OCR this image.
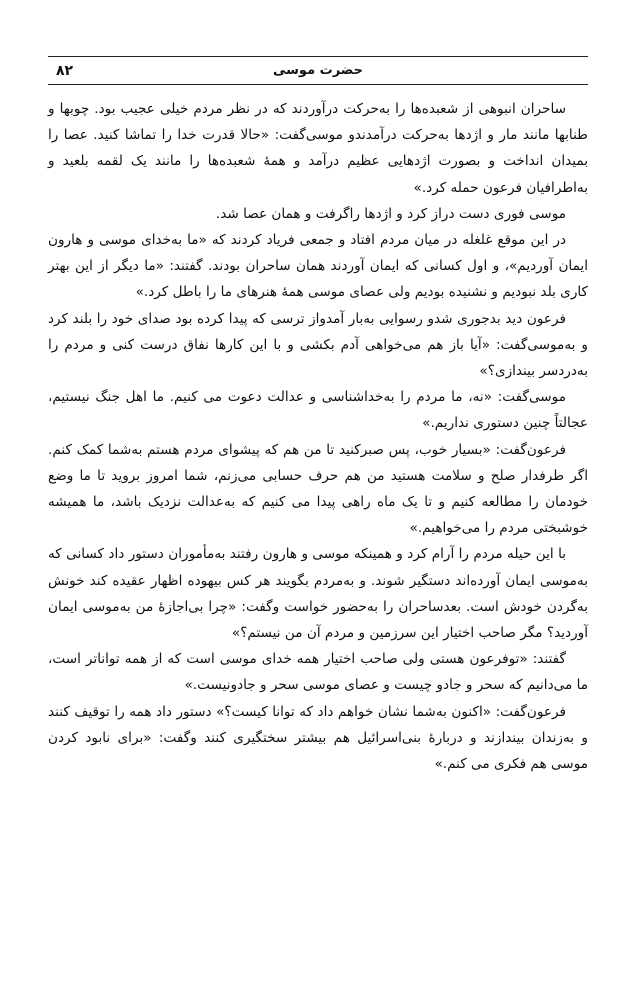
۸۲	حضرت موسی

ساحران انبوهی از شعبده‌ها را به‌حرکت درآوردند که در نظر مردم خیلی عجیب بود. چوبها و طنابها مانند مار و اژدها به‌حرکت درآمدندو موسی‌گفت: «حالا قدرت خدا را تماشا کنید. عصا را بمیدان انداخت و بصورت اژدهایی عظیم درآمد و همهٔ شعبده‌ها را مانند یک لقمه بلعید و به‌اطرافیان فرعون حمله کرد.»

موسی فوری دست دراز کرد و اژدها راگرفت و همان عصا شد.

در این موقع غلغله در میان مردم افتاد و جمعی فریاد کردند که «ما به‌خدای موسی و هارون ایمان آوردیم»، و اول کسانی که ایمان آوردند همان ساحران بودند. گفتند: «ما دیگر از این بهتر کاری بلد نبودیم و نشنیده بودیم ولی عصای موسی همهٔ هنرهای ما را باطل کرد.»

فرعون دید بدجوری شدو رسوایی به‌بار آمدواز ترسی که پیدا کرده بود صدای خود را بلند کرد و به‌موسی‌گفت: «آیا باز هم می‌خواهی آدم بکشی و با این کارها نفاق درست کنی و مردم را به‌دردسر بیندازی؟»

موسی‌گفت: «نه، ما مردم را به‌خداشناسی و عدالت دعوت می کنیم. ما اهل جنگ نیستیم، عجالتاً چنین دستوری نداریم.»

فرعون‌گفت: «بسیار خوب، پس صبرکنید تا من هم که پیشوای مردم هستم به‌شما کمک کنم. اگر طرفدار صلح و سلامت هستید من هم حرف حسابی می‌زنم، شما امروز بروید تا ما وضع خودمان را مطالعه کنیم و تا یک ماه راهی پیدا می کنیم که به‌عدالت نزدیک باشد، ما همیشه خوشبختی مردم را می‌خواهیم.»

با این حیله مردم را آرام کرد و همینکه موسی و هارون رفتند به‌مأموران دستور داد کسانی که به‌موسی ایمان آورده‌اند دستگیر شوند. و به‌مردم بگویند هر کس بیهوده اظهار عقیده کند خونش به‌گردن خودش است. بعدساحران را به‌حضور خواست وگفت: «چرا بی‌اجازهٔ من به‌موسی ایمان آوردید؟ مگر صاحب اختیار این سرزمین و مردم آن من نیستم؟»

گفتند: «توفرعون هستی ولی صاحب اختیار همه خدای موسی است که از همه تواناتر است، ما می‌دانیم که سحر و جادو چیست و عصای موسی سحر و جادونیست.»

فرعون‌گفت: «اکنون به‌شما نشان خواهم داد که توانا کیست؟» دستور داد همه را توقیف کنند و به‌زندان بیندازند و دربارهٔ بنی‌اسرائیل هم بیشتر سختگیری کنند وگفت: «برای نابود کردن موسی هم فکری می کنم.»
